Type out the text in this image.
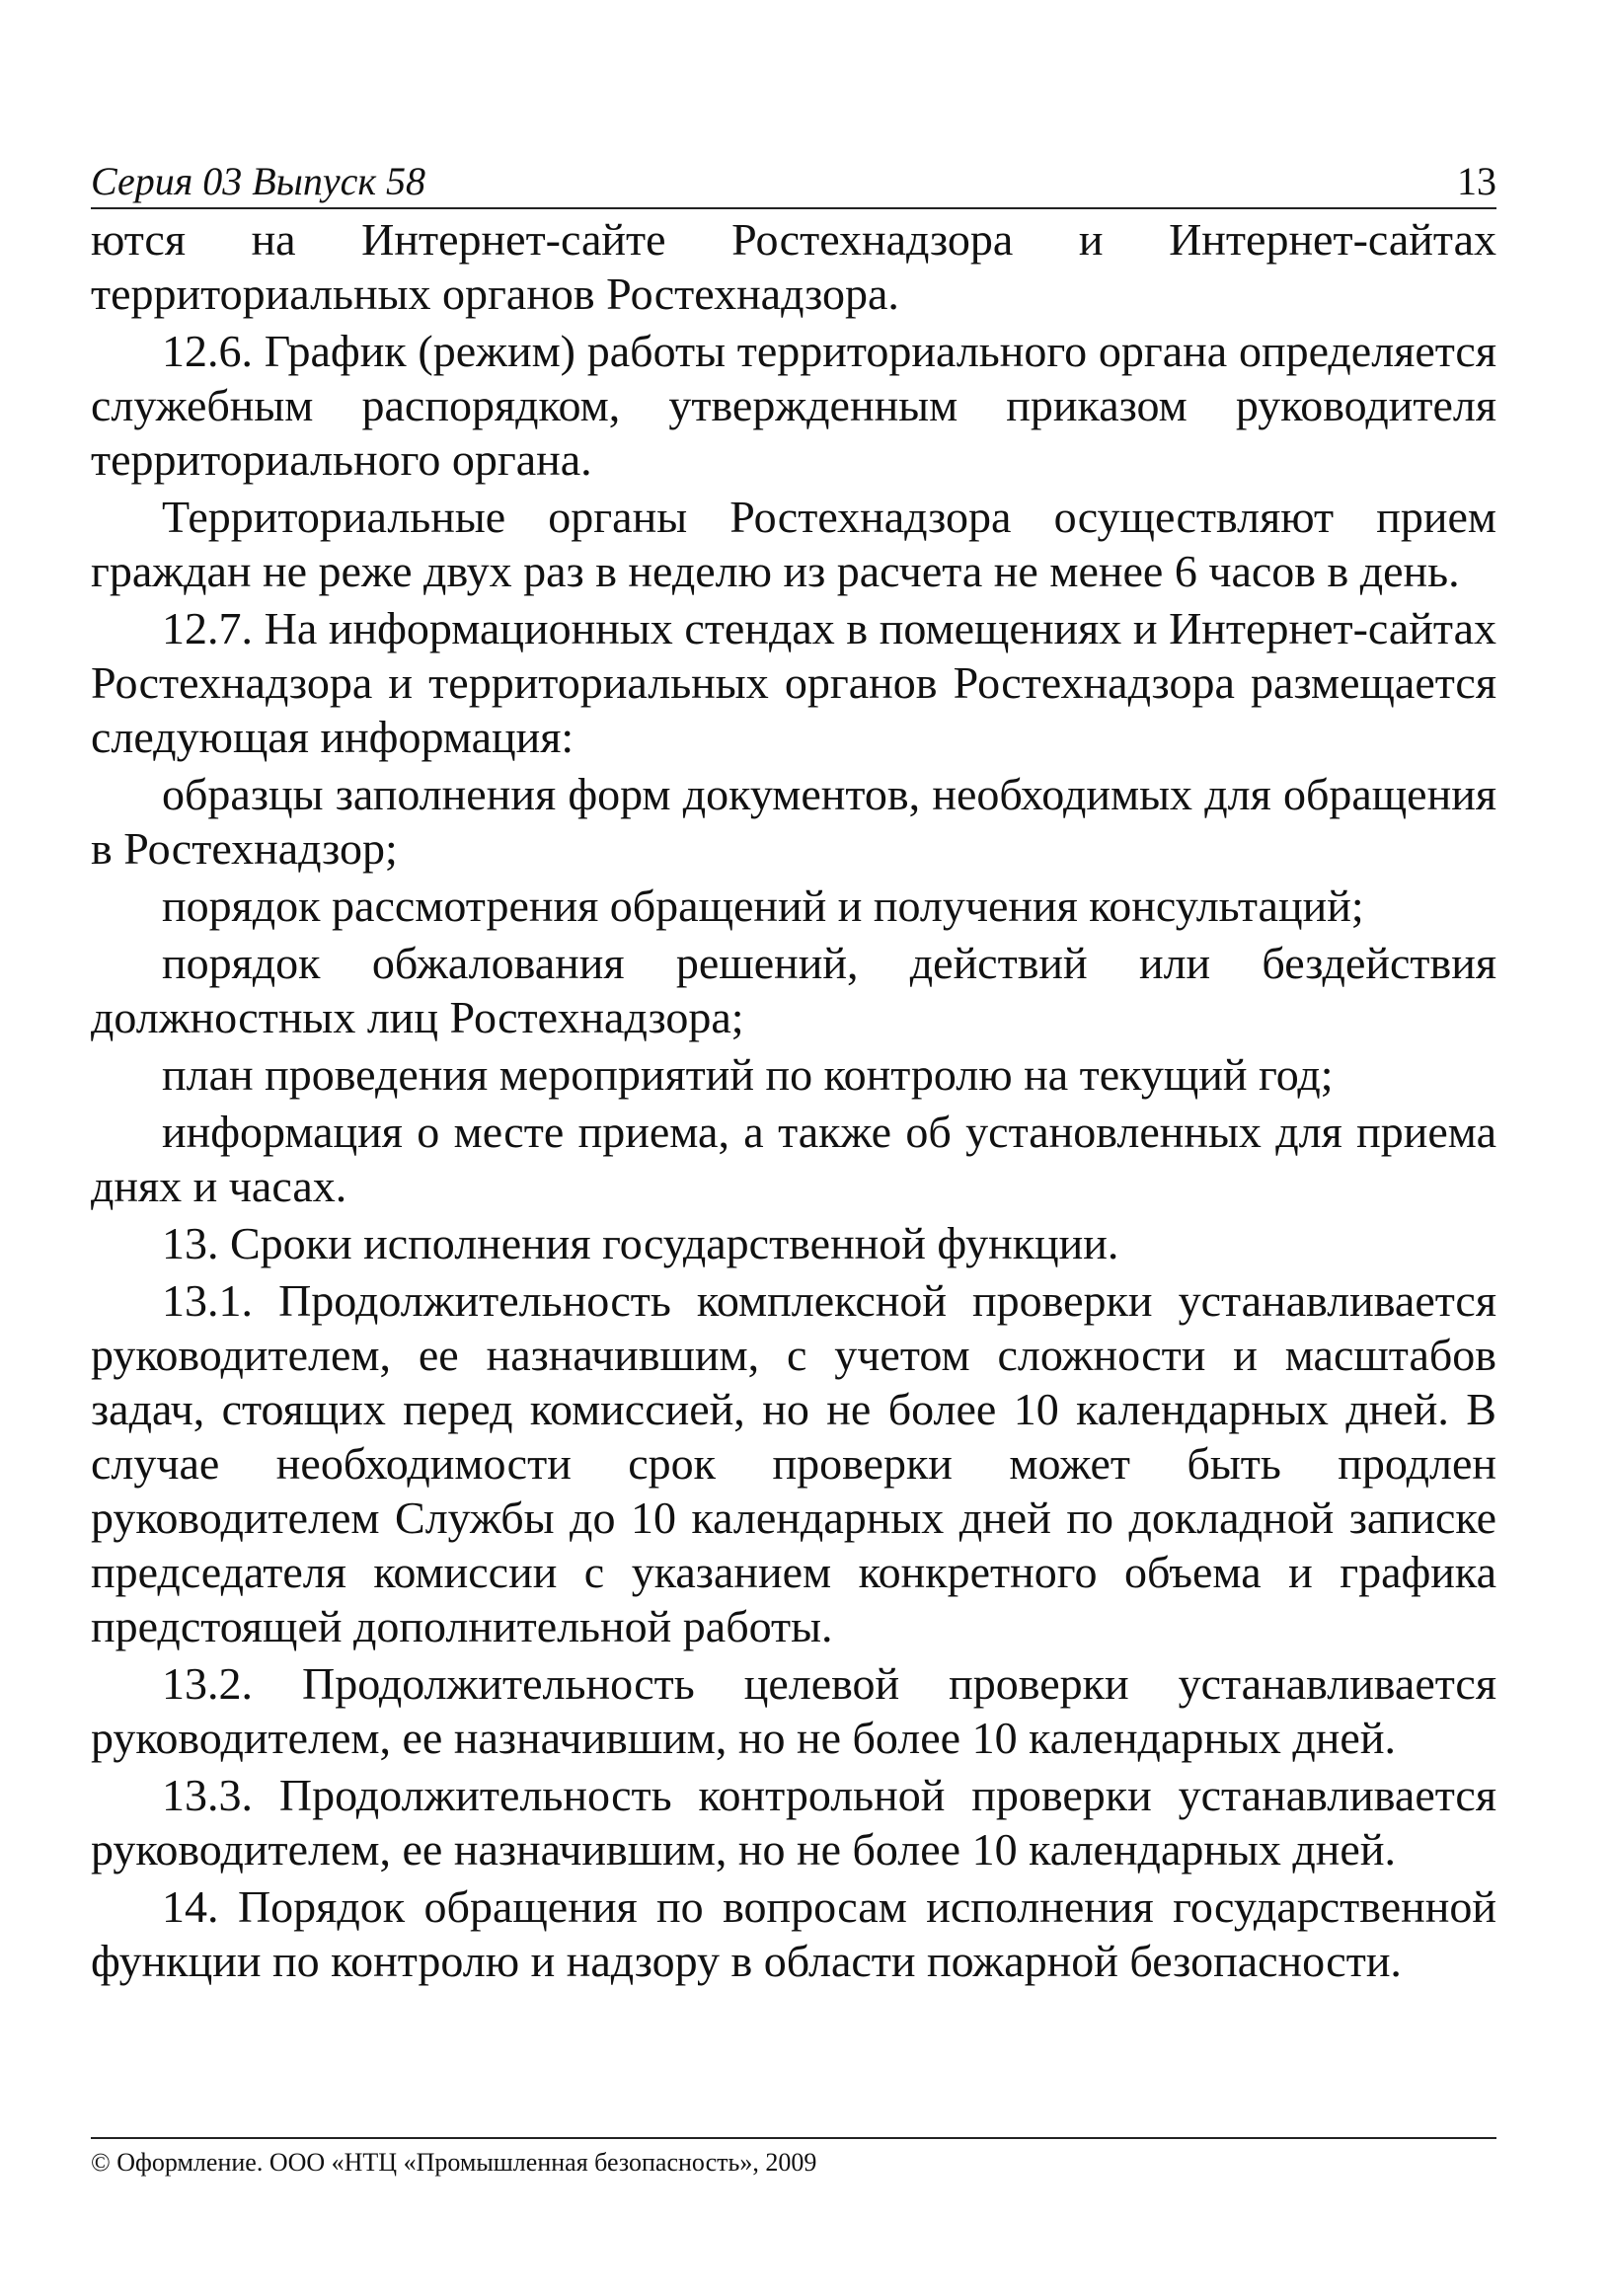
Серия 03 Выпуск 58	13

ются на Интернет-сайте Ростехнадзора и Интернет-сайтах территориальных органов Ростехнадзора.

12.6. График (режим) работы территориального органа определяется служебным распорядком, утвержденным приказом руководителя территориального органа.

Территориальные органы Ростехнадзора осуществляют прием граждан не реже двух раз в неделю из расчета не менее 6 часов в день.

12.7. На информационных стендах в помещениях и Интернет-сайтах Ростехнадзора и территориальных органов Ростехнадзора размещается следующая информация:

образцы заполнения форм документов, необходимых для обращения в Ростехнадзор;

порядок рассмотрения обращений и получения консультаций;

порядок обжалования решений, действий или бездействия должностных лиц Ростехнадзора;

план проведения мероприятий по контролю на текущий год;

информация о месте приема, а также об установленных для приема днях и часах.

13. Сроки исполнения государственной функции.

13.1. Продолжительность комплексной проверки устанавливается руководителем, ее назначившим, с учетом сложности и масштабов задач, стоящих перед комиссией, но не более 10 календарных дней. В случае необходимости срок проверки может быть продлен руководителем Службы до 10 календарных дней по докладной записке председателя комиссии с указанием конкретного объема и графика предстоящей дополнительной работы.

13.2. Продолжительность целевой проверки устанавливается руководителем, ее назначившим, но не более 10 календарных дней.

13.3. Продолжительность контрольной проверки устанавливается руководителем, ее назначившим, но не более 10 календарных дней.

14. Порядок обращения по вопросам исполнения государственной функции по контролю и надзору в области пожарной безопасности.

© Оформление. ООО «НТЦ «Промышленная безопасность», 2009
